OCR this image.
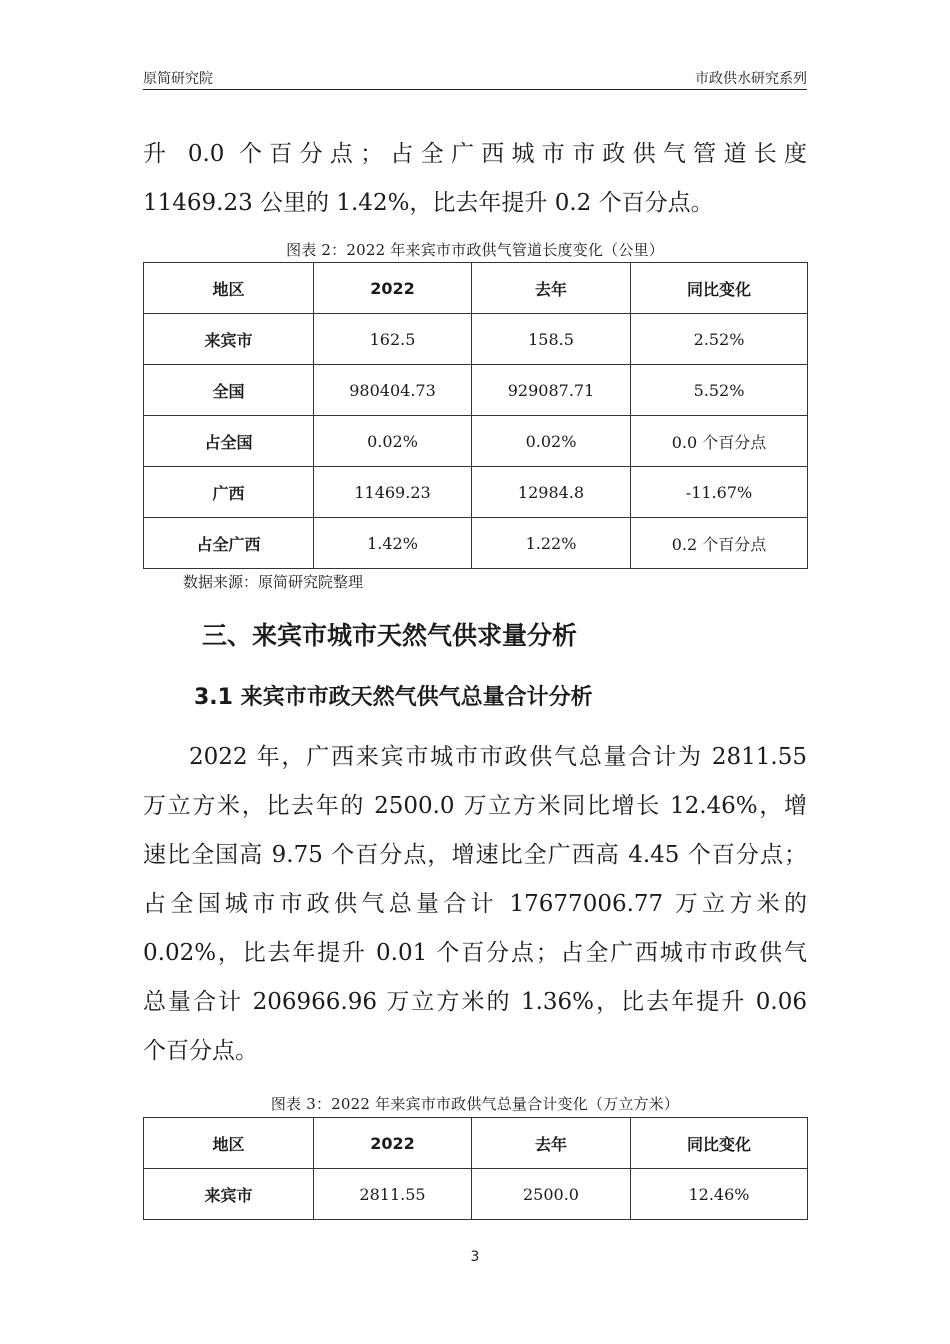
原简研究院	市政供水研究系列
升 0.0 个百分点；占全广西城市市政供气管道长度
11469.23 公里的 1.42%，比去年提升 0.2 个百分点。
图表 2：2022 年来宾市市政供气管道长度变化（公里）
地区	2022	去年	同比变化
来宾市	162.5	158.5	2.52%
全国	980404.73	929087.71	5.52%
占全国	0.02%	0.02%	0.0 个百分点
广西	11469.23	12984.8	-11.67%
占全广西	1.42%	1.22%	0.2 个百分点
数据来源：原简研究院整理
三、来宾市城市天然气供求量分析
3.1 来宾市市政天然气供气总量合计分析
2022 年，广西来宾市城市市政供气总量合计为 2811.55
万立方米，比去年的 2500.0 万立方米同比增长 12.46%，增
速比全国高 9.75 个百分点，增速比全广西高 4.45 个百分点；
占全国城市市政供气总量合计 17677006.77 万立方米的
0.02%，比去年提升 0.01 个百分点；占全广西城市市政供气
总量合计 206966.96 万立方米的 1.36%，比去年提升 0.06
个百分点。
图表 3：2022 年来宾市市政供气总量合计变化（万立方米）
地区	2022	去年	同比变化
来宾市	2811.55	2500.0	12.46%
3
